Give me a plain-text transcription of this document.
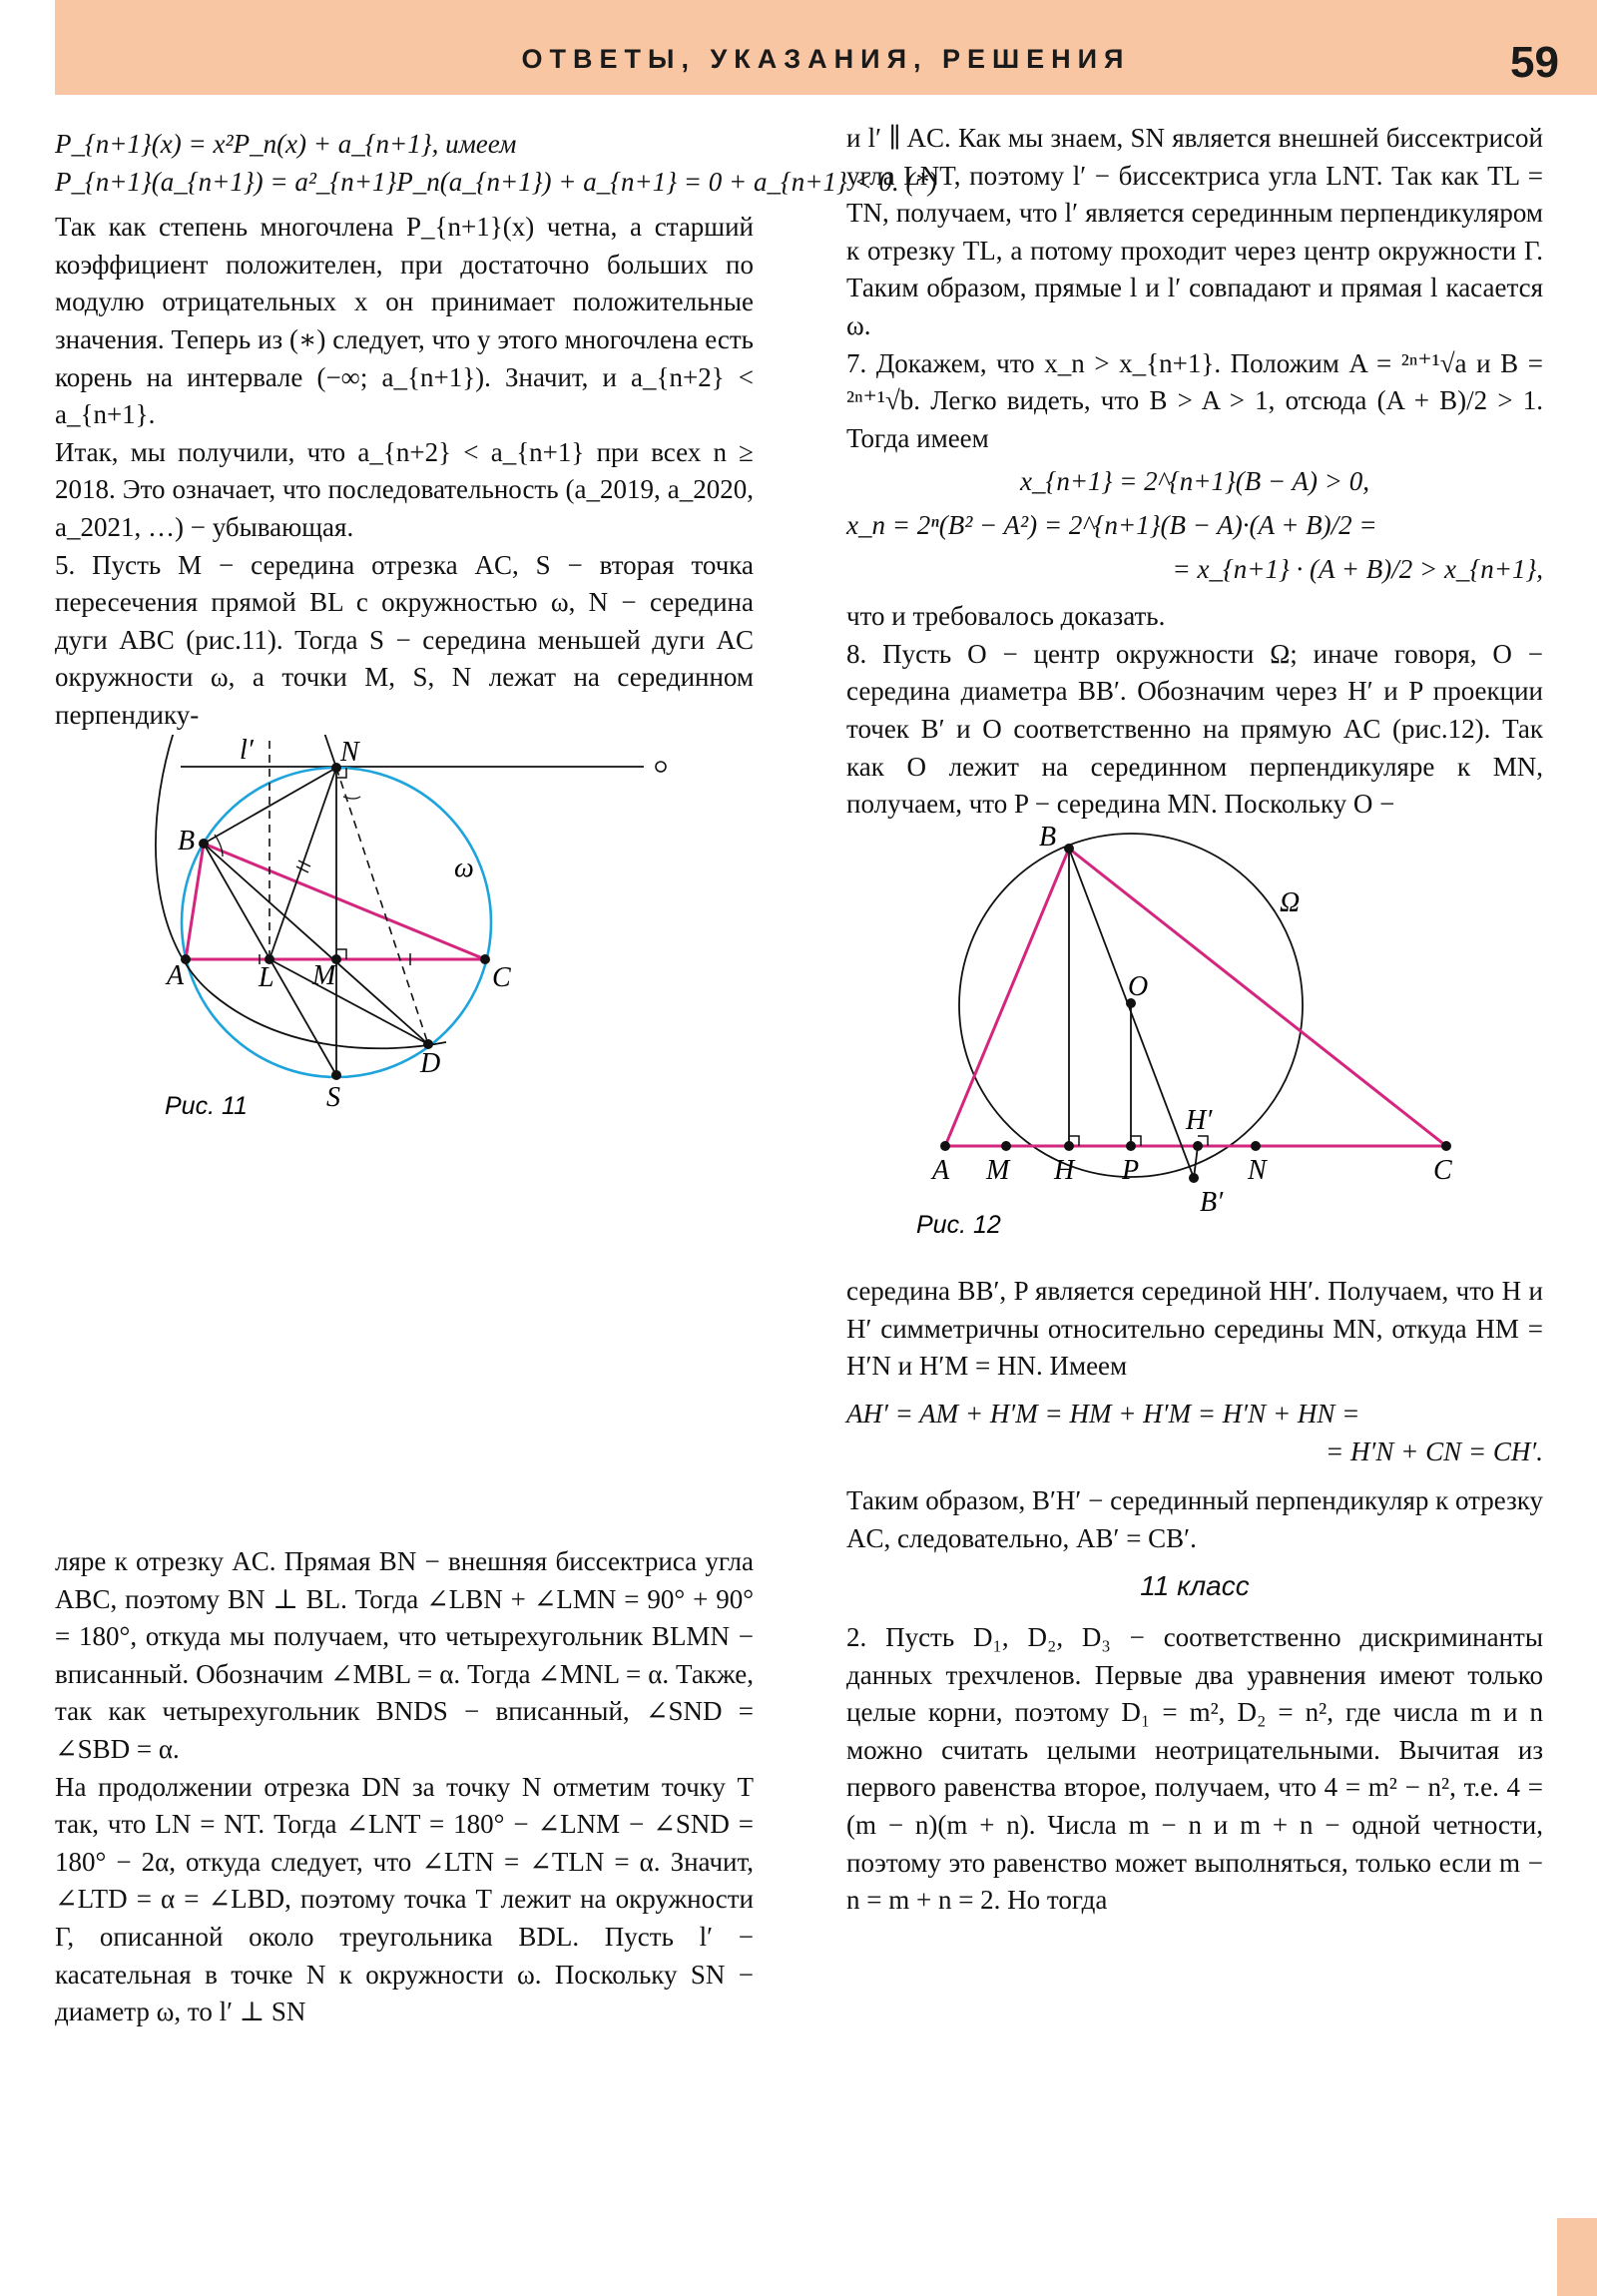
ОТВЕТЫ, УКАЗАНИЯ, РЕШЕНИЯ	59

P_{n+1}(x) = x²P_n(x) + a_{n+1}, имеем

P_{n+1}(a_{n+1}) = a²_{n+1}P_n(a_{n+1}) + a_{n+1} = 0 + a_{n+1} < 0. (*)

Так как степень многочлена P_{n+1}(x) четна, а старший коэффициент положителен, при достаточно больших по модулю отрицательных x он принимает положительные значения. Теперь из (∗) следует, что у этого многочлена есть корень на интервале (−∞; a_{n+1}). Значит, и a_{n+2} < a_{n+1}.

Итак, мы получили, что a_{n+2} < a_{n+1} при всех n ≥ 2018. Это означает, что последовательность (a_2019, a_2020, a_2021, …) − убывающая.

5. Пусть M − середина отрезка AC, S − вторая точка пересечения прямой BL с окружностью ω, N − середина дуги ABC (рис.11). Тогда S − середина меньшей дуги AC окружности ω, а точки M, S, N лежат на серединном перпендику-

l′	N
B
ω
A	L M	C
D
S
Рис. 11

ляре к отрезку AC. Прямая BN − внешняя биссектриса угла ABC, поэтому BN ⊥ BL. Тогда ∠LBN + ∠LMN = 90° + 90° = 180°, откуда мы получаем, что четырехугольник BLMN − вписанный. Обозначим ∠MBL = α. Тогда ∠MNL = α. Также, так как четырехугольник BNDS − вписанный, ∠SND = ∠SBD = α.

На продолжении отрезка DN за точку N отметим точку T так, что LN = NT. Тогда ∠LNT = 180° − ∠LNM − ∠SND = 180° − 2α, откуда следует, что ∠LTN = ∠TLN = α. Значит, ∠LTD = α = ∠LBD, поэтому точка T лежит на окружности Γ, описанной около треугольника BDL. Пусть l′ − касательная в точке N к окружности ω. Поскольку SN − диаметр ω, то l′ ⊥ SN

и l′ ∥ AC. Как мы знаем, SN является внешней биссектрисой угла LNT, поэтому l′ − биссектриса угла LNT. Так как TL = TN, получаем, что l′ является серединным перпендикуляром к отрезку TL, а потому проходит через центр окружности Γ. Таким образом, прямые l и l′ совпадают и прямая l касается ω.

7. Докажем, что x_n > x_{n+1}. Положим A = ²ⁿ⁺¹√a и B = ²ⁿ⁺¹√b. Легко видеть, что B > A > 1, отсюда (A + B)/2 > 1. Тогда имеем

x_{n+1} = 2^{n+1}(B − A) > 0,

x_n = 2ⁿ(B² − A²) = 2^{n+1}(B − A)·(A + B)/2 =

= x_{n+1} · (A + B)/2 > x_{n+1},

что и требовалось доказать.

8. Пусть O − центр окружности Ω; иначе говоря, O − середина диаметра BB′. Обозначим через H′ и P проекции точек B′ и O соответственно на прямую AC (рис.12). Так как O лежит на серединном перпендикуляре к MN, получаем, что P − середина MN. Поскольку O −

B
Ω
O
H′
A M H P	N	C
B′
Рис. 12

середина BB′, P является серединой HH′. Получаем, что H и H′ симметричны относительно середины MN, откуда HM = H′N и H′M = HN. Имеем

AH′ = AM + H′M = HM + H′M = H′N + HN =

= H′N + CN = CH′.

Таким образом, B′H′ − серединный перпендикуляр к отрезку AC, следовательно, AB′ = CB′.

11 класс

2. Пусть D₁, D₂, D₃ − соответственно дискриминанты данных трехчленов. Первые два уравнения имеют только целые корни, поэтому D₁ = m², D₂ = n², где числа m и n можно считать целыми неотрицательными. Вычитая из первого равенства второе, получаем, что 4 = m² − n², т.е. 4 = (m − n)(m + n). Числа m − n и m + n − одной четности, поэтому это равенство может выполняться, только если m − n = m + n = 2. Но тогда
